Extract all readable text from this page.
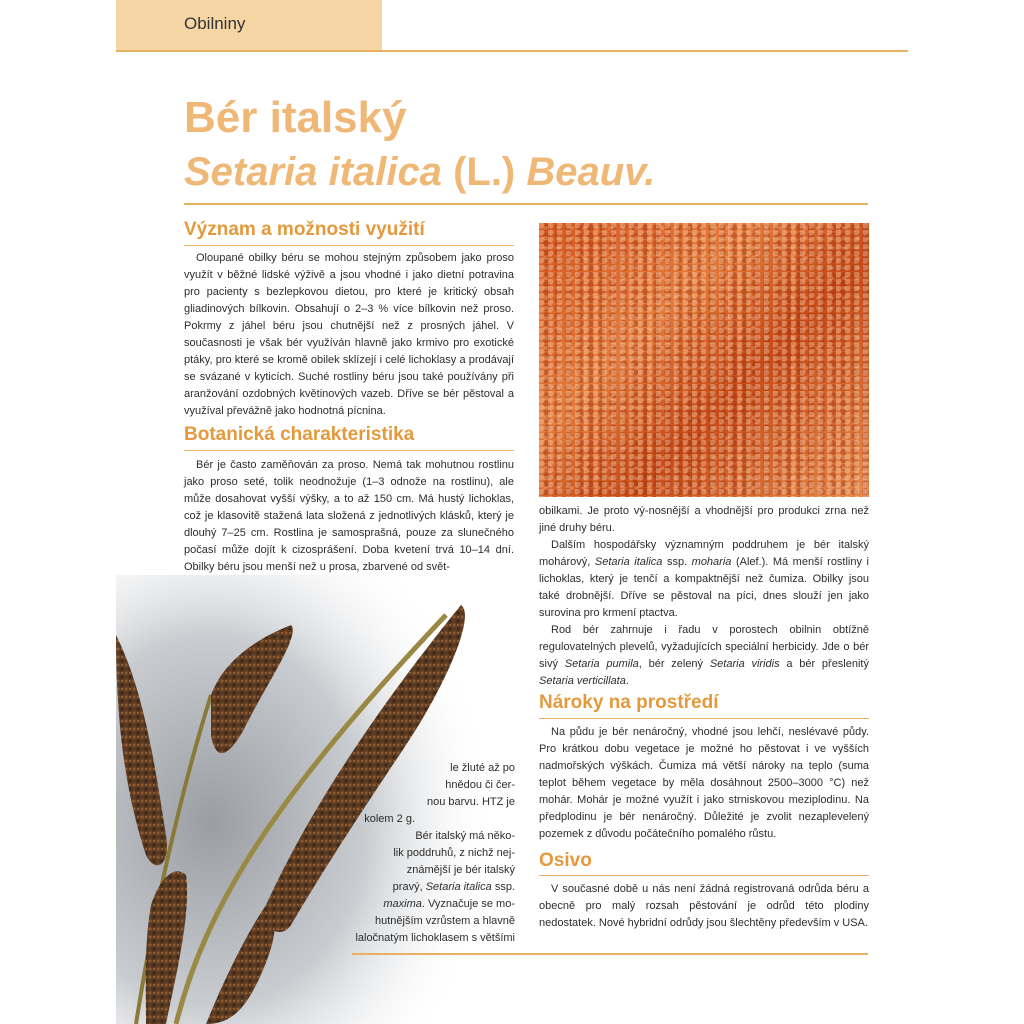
Obilniny
Bér italský
Setaria italica (L.) Beauv.
Význam a možnosti využití

Oloupané obilky béru se mohou stejným způsobem jako proso využít v běžné lidské výživě a jsou vhodné i jako dietní potravina pro pacienty s bezlepkovou dietou, pro které je kritický obsah gliadinových bílkovin. Obsahují o 2–3 % více bílkovin než proso. Pokrmy z jáhel béru jsou chutnější než z prosných jáhel. V současnosti je však bér využíván hlavně jako krmivo pro exotické ptáky, pro které se kromě obilek sklízejí i celé lichoklasy a prodávají se svázané v kyticích. Suché rostliny béru jsou také používány při aranžování ozdobných květinových vazeb. Dříve se bér pěstoval a využíval převážně jako hodnotná pícnina.

Botanická charakteristika

Bér je často zaměňován za proso. Nemá tak mohutnou rostlinu jako proso seté, tolik neodnožuje (1–3 odnože na rostlinu), ale může dosahovat vyšší výšky, a to až 150 cm. Má hustý lichoklas, což je klasovitě stažená lata složená z jednotlivých klásků, který je dlouhý 7–25 cm. Rostlina je samosprašná, pouze za slunečného počasí může dojít k cizosprášení. Doba kvetení trvá 10–14 dní. Obilky béru jsou menší než u prosa, zbarvené od svět-

le žluté až po
hnědou či čer-
nou barvu. HTZ je
kolem 2 g.
Bér italský má něko-
lik poddruhů, z nichž nej-
známější je bér italský
pravý, Setaria italica ssp.
maxima. Vyznačuje se mo-
hutnějším vzrůstem a hlavně
laločnatým lichoklasem s většími

obilkami. Je proto vý-nosnější a vhodnější pro produkci zrna než jiné druhy béru.

Dalším hospodářsky významným poddruhem je bér italský mohárový, Setaria italica ssp. moharia (Alef.). Má menší rostliny i lichoklas, který je tenčí a kompaktnější než čumiza. Obilky jsou také drobnější. Dříve se pěstoval na píci, dnes slouží jen jako surovina pro krmení ptactva.

Rod bér zahrnuje i řadu v porostech obilnin obtížně regulovatelných plevelů, vyžadujících speciální herbicidy. Jde o bér sivý Setaria pumila, bér zelený Setaria viridis a bér přeslenitý Setaria verticillata.

Nároky na prostředí

Na půdu je bér nenáročný, vhodné jsou lehčí, neslévavé půdy. Pro krátkou dobu vegetace je možné ho pěstovat i ve vyšších nadmořských výškách. Čumiza má větší nároky na teplo (suma teplot během vegetace by měla dosáhnout 2500–3000 °C) než mohár. Mohár je možné využít i jako strniskovou meziplodinu. Na předplodinu je bér nenáročný. Důležité je zvolit nezaplevelený pozemek z důvodu počátečního pomalého růstu.

Osivo

V současné době u nás není žádná registrovaná odrůda béru a obecně pro malý rozsah pěstování je odrůd této plodiny nedostatek. Nové hybridní odrůdy jsou šlechtěny především v USA.
